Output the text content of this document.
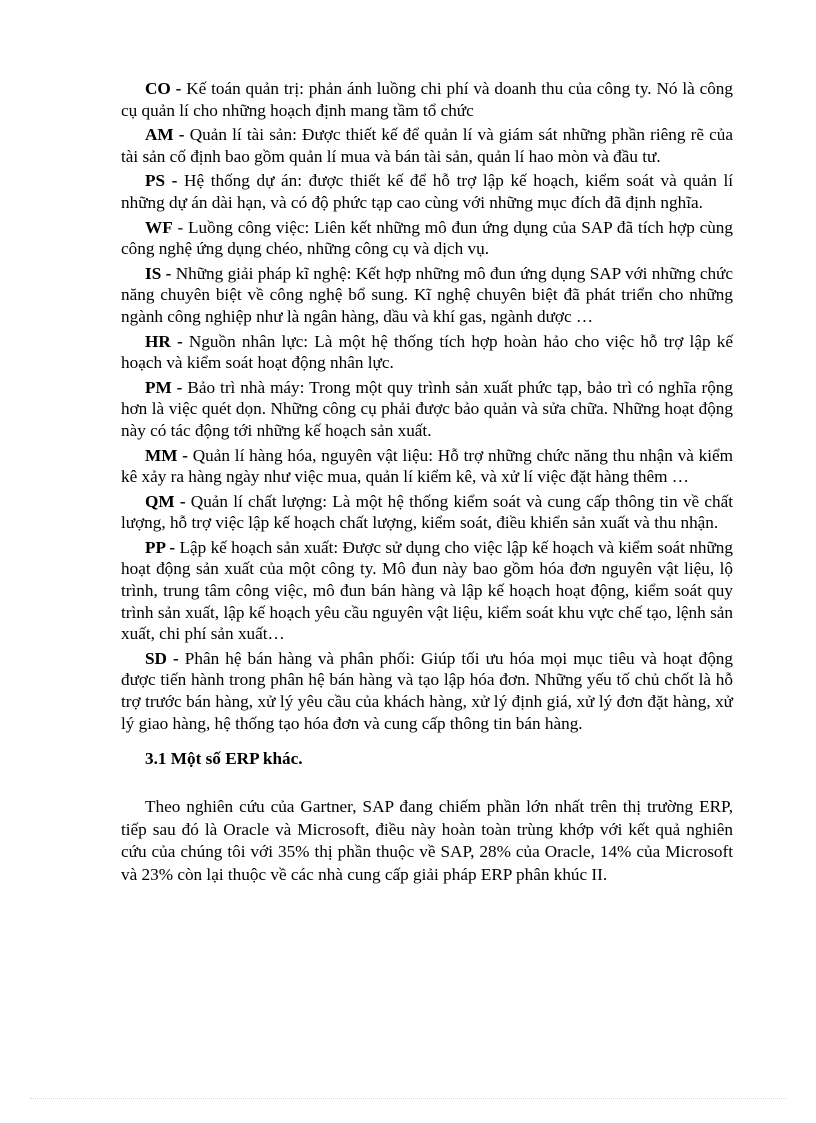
CO - Kế toán quản trị: phản ánh luồng chi phí và doanh thu của công ty. Nó là công cụ quản lí cho những hoạch định mang tầm tổ chức

AM - Quản lí tài sản: Được thiết kế để quản lí và giám sát những phần riêng rẽ của tài sản cố định bao gồm quản lí mua và bán tài sản, quản lí hao mòn và đầu tư.

PS - Hệ thống dự án: được thiết kế để hỗ trợ lập kế hoạch, kiểm soát và quản lí những dự án dài hạn, và có độ phức tạp cao cùng với những mục đích đã định nghĩa.

WF - Luồng công việc: Liên kết những mô đun ứng dụng của SAP đã tích hợp cùng công nghệ ứng dụng chéo, những công cụ và dịch vụ.

IS - Những giải pháp kĩ nghệ: Kết hợp những mô đun ứng dụng SAP với những chức năng chuyên biệt về công nghệ bổ sung. Kĩ nghệ chuyên biệt đã phát triển cho những ngành công nghiệp như là ngân hàng, dầu và khí gas, ngành dược …

HR - Nguồn nhân lực: Là một hệ thống tích hợp hoàn hảo cho việc hỗ trợ lập kế hoạch và kiểm soát hoạt động nhân lực.

PM - Bảo trì nhà máy: Trong một quy trình sản xuất phức tạp, bảo trì có nghĩa rộng hơn là việc quét dọn. Những công cụ phải được bảo quản và sửa chữa. Những hoạt động này có tác động tới những kế hoạch sản xuất.

MM - Quản lí hàng hóa, nguyên vật liệu: Hỗ trợ những chức năng thu nhận và kiểm kê xảy ra hàng ngày như việc mua, quản lí kiểm kê, và xử lí việc đặt hàng thêm …

QM - Quản lí chất lượng: Là một hệ thống kiểm soát và cung cấp thông tin về chất lượng, hỗ trợ việc lập kế hoạch chất lượng, kiểm soát, điều khiển sản xuất và thu nhận.

PP - Lập kế hoạch sản xuất: Được sử dụng cho việc lập kế hoạch và kiểm soát những hoạt động sản xuất của một công ty. Mô đun này bao gồm hóa đơn nguyên vật liệu, lộ trình, trung tâm công việc, mô đun bán hàng và lập kế hoạch hoạt động, kiểm soát quy trình sản xuất, lập kế hoạch yêu cầu nguyên vật liệu, kiểm soát khu vực chế tạo, lệnh sản xuất, chi phí sản xuất…

SD - Phân hệ bán hàng và phân phối: Giúp tối ưu hóa mọi mục tiêu và hoạt động được tiến hành trong phân hệ bán hàng và tạo lập hóa đơn. Những yếu tố chủ chốt là hỗ trợ trước bán hàng, xử lý yêu cầu của khách hàng, xử lý định giá, xử lý đơn đặt hàng, xử lý giao hàng, hệ thống tạo hóa đơn và cung cấp thông tin bán hàng.

3.1 Một số ERP khác.

Theo nghiên cứu của Gartner, SAP đang chiếm phần lớn nhất trên thị trường ERP, tiếp sau đó là Oracle và Microsoft, điều này hoàn toàn trùng khớp với kết quả nghiên cứu của chúng tôi với 35% thị phần thuộc về SAP, 28% của Oracle, 14% của Microsoft và 23% còn lại thuộc về các nhà cung cấp giải pháp ERP phân khúc II.
